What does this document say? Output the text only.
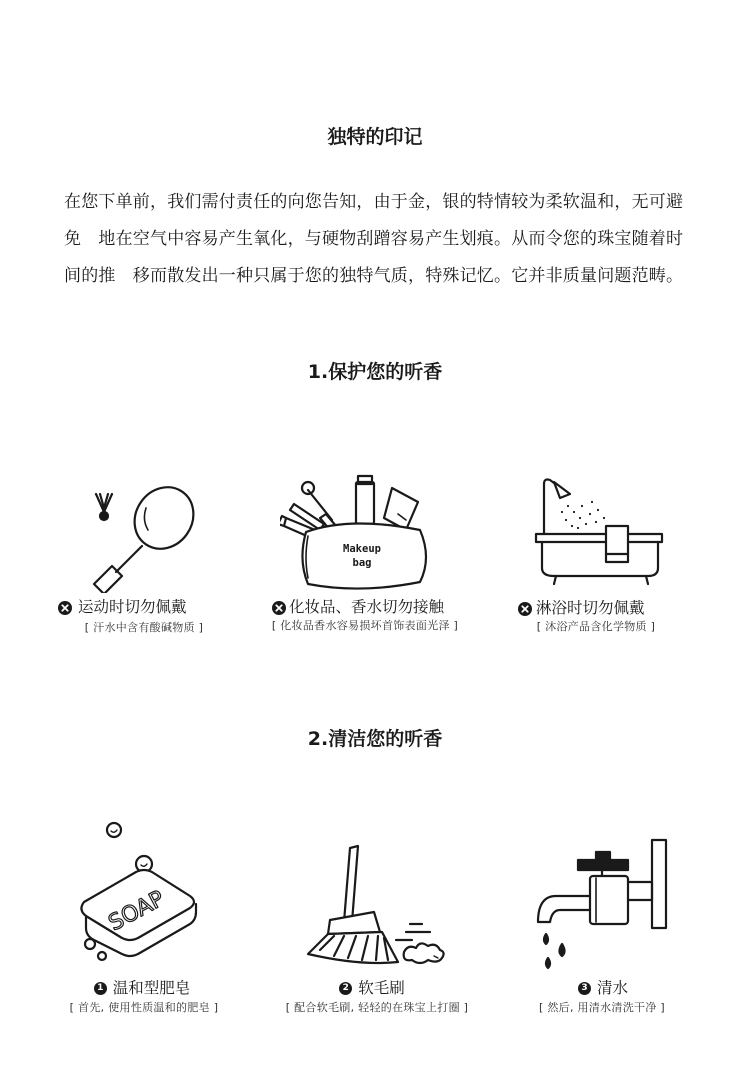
独特的印记
在您下单前，我们需付责任的向您告知，由于金，银的特情较为柔软温和，无可避免　地在空气中容易产生氧化，与硬物刮蹭容易产生划痕。从而令您的珠宝随着时间的推　移而散发出一种只属于您的独特气质，特殊记忆。它并非质量问题范畴。
1.保护您的听香
2.清洁您的听香
运动时切勿佩戴
[ 汗水中含有酸碱物质 ]
Makeup
bag
化妆品、香水切勿接触
[ 化妆品香水容易损坏首饰表面光泽 ]
淋浴时切勿佩戴
[ 沐浴产品含化学物质 ]
SOAP
1 温和型肥皂
[ 首先, 使用性质温和的肥皂 ]
2 软毛刷
[ 配合软毛刷, 轻轻的在珠宝上打圈 ]
3 清水
[ 然后, 用清水清洗干净 ]
